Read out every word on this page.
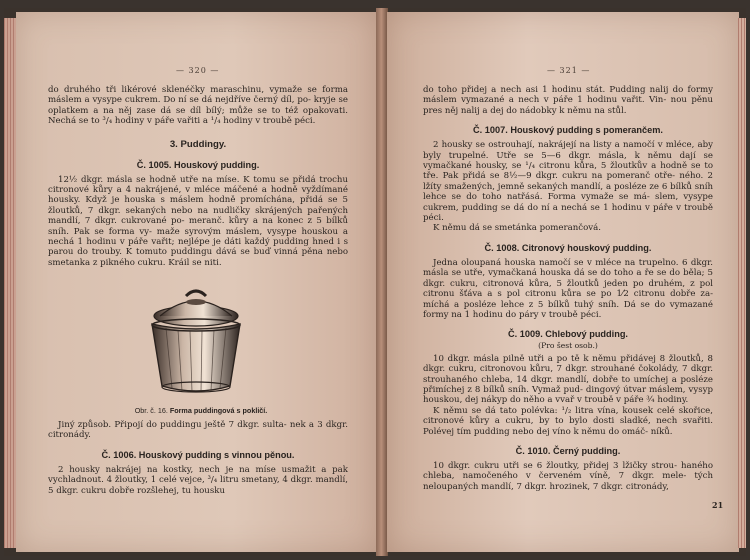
— 320 —

do druhého tři likérové sklenéčky maraschinu, vymaže se forma máslem a vysype cukrem. Do ní se dá nejdříve černý díl, po- kryje se oplatkem a na něj zase dá se díl bílý; může se to též opakovati. Nechá se to ³/₄ hodiny v páře vařiti a ¹/₄ hodiny v troubě péci.

3. Puddingy.
Č. 1005. Houskový pudding.

12½ dkgr. másla se hodně utře na míse. K tomu se přidá trochu citronové kůry a 4 nakrájené, v mléce máčené a hodně vyždímané housky. Když je houska s máslem hodně promíchána, přidá se 5 žloutků, 7 dkgr. sekaných nebo na nudličky skrájených pařených mandlí, 7 dkgr. cukrované po- meranč. kůry a na konec z 5 bílků sníh. Pak se forma vy- maže syrovým máslem, vysype houskou a nechá 1 hodinu v páře vařit; nejlépe je dáti každý pudding hned i s parou do trouby. K tomuto puddingu dává se buď vinná pěna nebo smetanka z pikného cukru. Kráil se niti.

Obr. č. 16. Forma puddingová s pokličí.

Jiný způsob. Připojí do puddingu ještě 7 dkgr. sulta- nek a 3 dkgr. citronády.

Č. 1006. Houskový pudding s vinnou pěnou.

2 housky nakrájej na kostky, nech je na míse usmažit a pak vychladnout. 4 žloutky, 1 celé vejce, ³/₄ litru smetany, 4 dkgr. mandlí, 5 dkgr. cukru dobře rozšlehej, tu housku

— 321 —

do toho přidej a nech asi 1 hodinu stát. Pudding nalij do formy máslem vymazané a nech v páře 1 hodinu vařit. Vin- nou pěnu pres něj nalij a dej do nádobky k němu na stůl.

Č. 1007. Houskový pudding s pomerančem.

2 housky se ostrouhají, nakrájejí na listy a namočí v mléce, aby byly trupelné. Utře se 5—6 dkgr. másla, k němu dají se vymačkané housky, se ¹/₄ citronu kůra, 5 žloutkův a hodně se to tře. Pak přidá se 8½—9 dkgr. cukru na pomeranč otře- ného. 2 lžíty smažených, jemně sekaných mandlí, a posléze ze 6 bílků sníh lehce se do toho natřásá. Forma vymaže se má- slem, vysype cukrem, pudding se dá do ní a nechá se 1 hodinu v páře v troubě péci.

K němu dá se smetánka pomerančová.

Č. 1008. Citronový houskový pudding.

Jedna oloupaná houska namočí se v mléce na trupelno. 6 dkgr. másla se utře, vymačkaná houska dá se do toho a ře se do běla; 5 dkgr. cukru, citronová kůra, 5 žloutků jeden po druhém, z pol citronu šťáva a s pol citronu kůra se po 1⁄2 citronu dobře za- míchá a posléze lehce z 5 bílků tuhý sníh. Dá se do vymazané formy na 1 hodinu do páry v troubě péci.

Č. 1009. Chlebový pudding.
(Pro šest osob.)

10 dkgr. másla pilně utři a po tě k němu přidávej 8 žloutků, 8 dkgr. cukru, citronovou kůru, 7 dkgr. strouhané čokolády, 7 dkgr. strouhaného chleba, 14 dkgr. mandlí, dobře to umíchej a posléze přimíchej z 8 bílků sníh. Vymaž pud- dingový útvar máslem, vysyp houskou, dej nákyp do něho a vvař v troubě v páře ¾ hodiny.

K němu se dá tato polévka: ¹/₂ litra vína, kousek celé skořice, citronové kůry a cukru, by to bylo dosti sladké, nech svařiti. Polévej tím pudding nebo dej víno k němu do omáč- níků.

Č. 1010. Černý pudding.

10 dkgr. cukru utři se 6 žloutky, přidej 3 lžičky strou- haného chleba, namočeného v červeném víně, 7 dkgr. mele- tých neloupaných mandlí, 7 dkgr. hrozinek, 7 dkgr. citronády,

21
